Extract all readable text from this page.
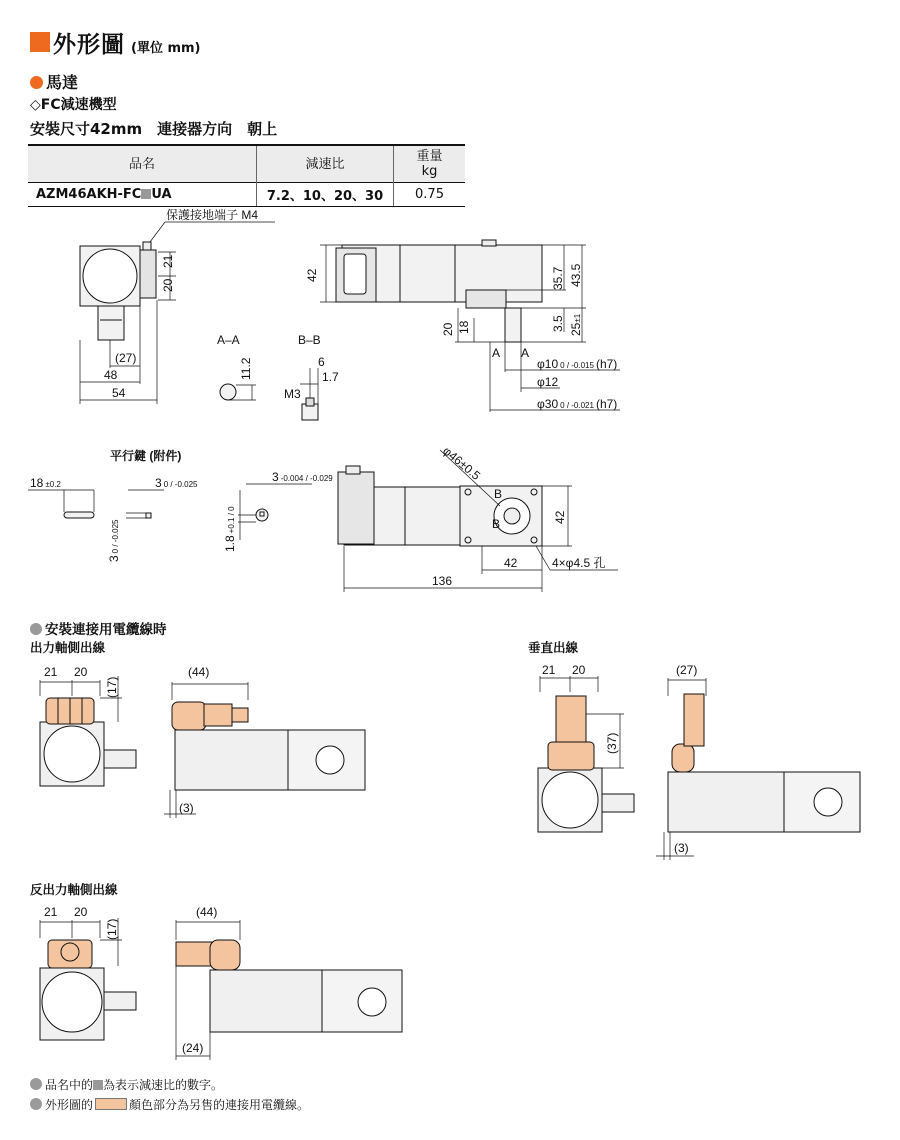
外形圖 (單位 mm)
馬達
◇FC減速機型
安裝尺寸42mm　連接器方向　朝上
品名	減速比	重量
kg
AZM46AKH-FC UA	7.2、10、20、30	0.75
保護接地端子 M4
21
20
(27)
48
54
42	35.7 43.5
20 18	3.5 25±1
A A
φ10 0 / -0.015 (h7)
φ12
φ30 0 / -0.021 (h7)
A–A
11.2
B–B
6
1.7
M3
平行鍵 (附件)
18 ±0.2	3 0 / -0.025
30 / -0.025
3 -0.004 / -0.029
1.8+0.1 / 0
φ46±0.5
B
B	42
42	4×φ4.5 孔
136
21 20
(17)
(44)
(3)
21 20
(37)
(27)
(3)
21 20
(17)
(44)
(24)
安裝連接用電纜線時
出力軸側出線	垂直出線
反出力軸側出線
品名中的 為表示減速比的數字。
外形圖的	顏色部分為另售的連接用電纜線。
